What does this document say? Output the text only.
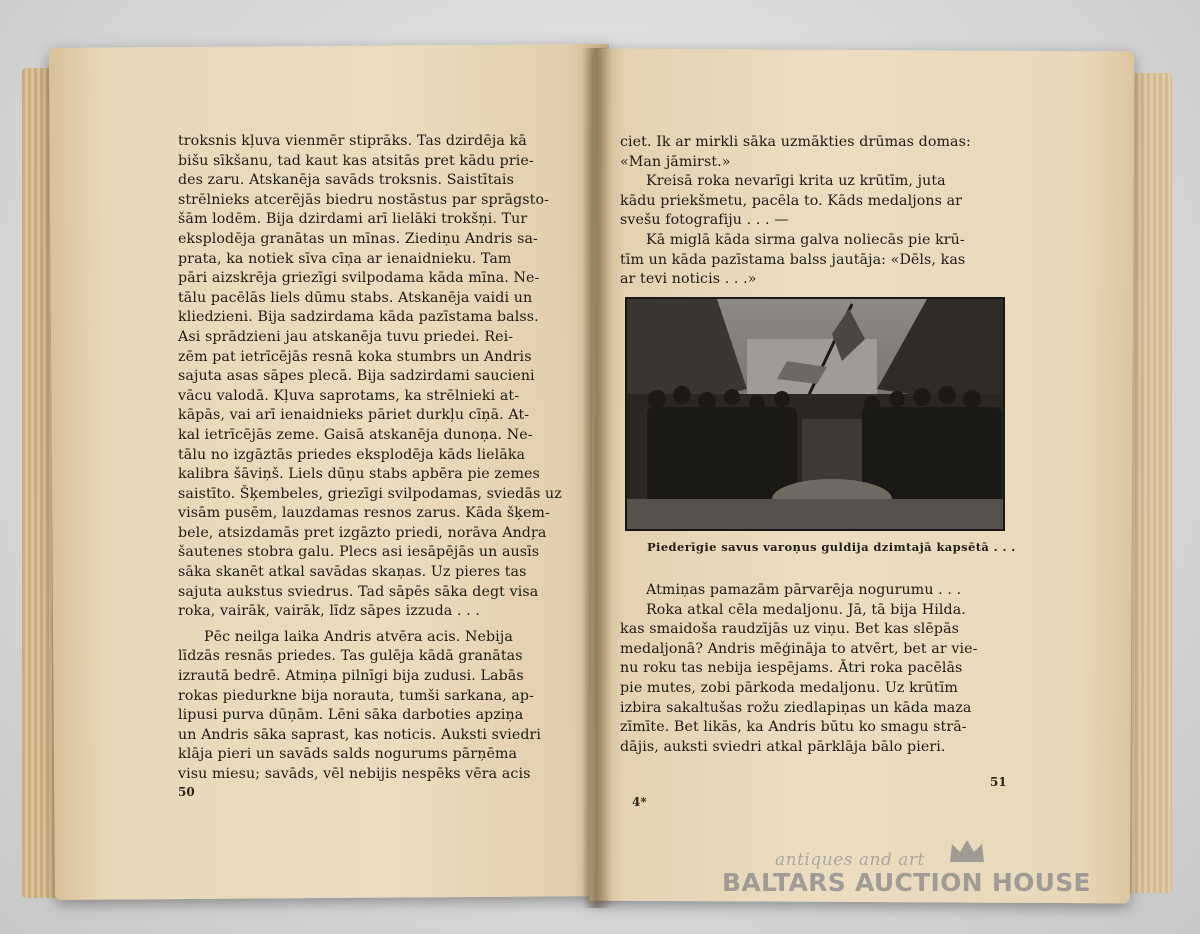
troksnis kļuva vienmēr stiprāks. Tas dzirdēja kā
bišu sīkšanu, tad kaut kas atsitās pret kādu prie-
des zaru. Atskanēja savāds troksnis. Saistītais
strēlnieks atcerējās biedru nostāstus par sprāgsto-
šām lodēm. Bija dzirdami arī lielāki trokšņi. Tur
eksplodēja granātas un mīnas. Ziediņu Andris sa-
prata, ka notiek sīva cīņa ar ienaidnieku. Tam
pāri aizskrēja griezīgi svilpodama kāda mīna. Ne-
tālu pacēlās liels dūmu stabs. Atskanēja vaidi un
kliedzieni. Bija sadzirdama kāda pazīstama balss.
Asi sprādzieni jau atskanēja tuvu priedei. Rei-
zēm pat ietrīcējās resnā koka stumbrs un Andris
sajuta asas sāpes plecā. Bija sadzirdami saucieni
vācu valodā. Kļuva saprotams, ka strēlnieki at-
kāpās, vai arī ienaidnieks pāriet durkļu cīņā. At-
kal ietrīcējās zeme. Gaisā atskanēja dunoņa. Ne-
tālu no izgāztās priedes eksplodēja kāds lielāka
kalibra šāviņš. Liels dūņu stabs apbēra pie zemes
saistīto. Šķembeles, griezīgi svilpodamas, sviedās uz
visām pusēm, lauzdamas resnos zarus. Kāda šķem-
bele, atsizdamās pret izgāzto priedi, norāva Andŗa
šautenes stobra galu. Plecs asi iesāpējās un ausīs
sāka skanēt atkal savādas skaņas. Uz pieres tas
sajuta aukstus sviedrus. Tad sāpēs sāka degt visa
roka, vairāk, vairāk, līdz sāpes izzuda . . .
Pēc neilga laika Andris atvēra acis. Nebija
līdzās resnās priedes. Tas gulēja kādā granātas
izrautā bedrē. Atmiņa pilnīgi bija zudusi. Labās
rokas piedurkne bija norauta, tumši sarkana, ap-
lipusi purva dūņām. Lēni sāka darboties apziņa
un Andris sāka saprast, kas noticis. Auksti sviedri
klāja pieri un savāds salds nogurums pārņēma
visu miesu; savāds, vēl nebijis nespēks vēra acis
50
ciet. Ik ar mirkli sāka uzmākties drūmas domas:
«Man jāmirst.»
Kreisā roka nevarīgi krita uz krūtīm, juta
kādu priekšmetu, pacēla to. Kāds medaljons ar
svešu fotografiju . . . —
Kā miglā kāda sirma galva noliecās pie krū-
tīm un kāda pazīstama balss jautāja: «Dēls, kas
ar tevi noticis . . .»
Piederīgie savus varoņus guldija dzimtajā kapsētā . . .
Atmiņas pamazām pārvarēja nogurumu . . .
Roka atkal cēla medaljonu. Jā, tā bija Hilda.
kas smaidoša raudzījās uz viņu. Bet kas slēpās
medaljonā? Andris mēģināja to atvērt, bet ar vie-
nu roku tas nebija iespējams. Ātri roka pacēlās
pie mutes, zobi pārkoda medaljonu. Uz krūtīm
izbira sakaltušas rožu ziedlapiņas un kāda maza
zīmīte. Bet likās, ka Andris būtu ko smagu strā-
dājis, auksti sviedri atkal pārklāja bālo pieri.
4*
51
antiques and art
BALTARS AUCTION HOUSE
